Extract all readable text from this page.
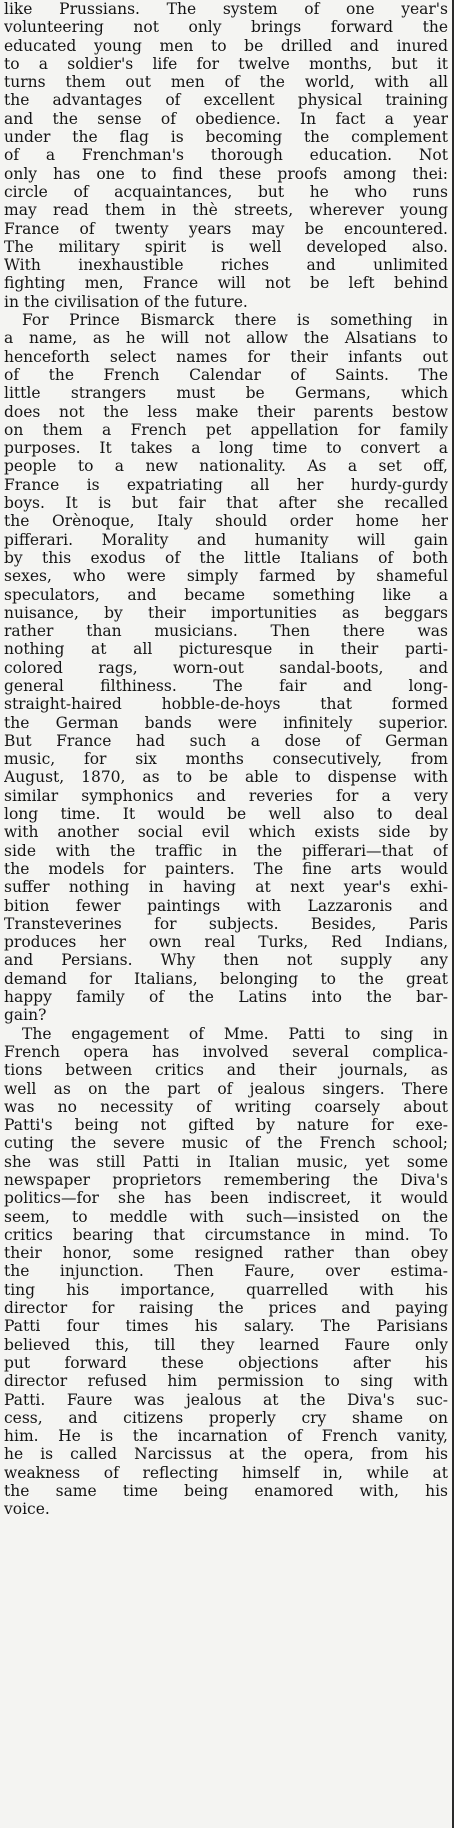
like Prussians. The system of one year's
volunteering not only brings forward the
educated young men to be drilled and inured
to a soldier's life for twelve months, but it
turns them out men of the world, with all
the advantages of excellent physical training
and the sense of obedience. In fact a year
under the flag is becoming the complement
of a Frenchman's thorough education. Not
only has one to find these proofs among thei:
circle of acquaintances, but he who runs
may read them in thè streets, wherever young
France of twenty years may be encountered.
The military spirit is well developed also.
With inexhaustible riches and unlimited
fighting men, France will not be left behind
in the civilisation of the future.
For Prince Bismarck there is something in
a name, as he will not allow the Alsatians to
henceforth select names for their infants out
of the French Calendar of Saints. The
little strangers must be Germans, which
does not the less make their parents bestow
on them a French pet appellation for family
purposes. It takes a long time to convert a
people to a new nationality. As a set off,
France is expatriating all her hurdy-gurdy
boys. It is but fair that after she recalled
the Orènoque, Italy should order home her
pifferari. Morality and humanity will gain
by this exodus of the little Italians of both
sexes, who were simply farmed by shameful
speculators, and became something like a
nuisance, by their importunities as beggars
rather than musicians. Then there was
nothing at all picturesque in their parti-
colored rags, worn-out sandal-boots, and
general filthiness. The fair and long-
straight-haired hobble-de-hoys that formed
the German bands were infinitely superior.
But France had such a dose of German
music, for six months consecutively, from
August, 1870, as to be able to dispense with
similar symphonics and reveries for a very
long time. It would be well also to deal
with another social evil which exists side by
side with the traffic in the pifferari—that of
the models for painters. The fine arts would
suffer nothing in having at next year's exhi-
bition fewer paintings with Lazzaronis and
Transteverines for subjects. Besides, Paris
produces her own real Turks, Red Indians,
and Persians. Why then not supply any
demand for Italians, belonging to the great
happy family of the Latins into the bar-
gain?
The engagement of Mme. Patti to sing in
French opera has involved several complica-
tions between critics and their journals, as
well as on the part of jealous singers. There
was no necessity of writing coarsely about
Patti's being not gifted by nature for exe-
cuting the severe music of the French school;
she was still Patti in Italian music, yet some
newspaper proprietors remembering the Diva's
politics—for she has been indiscreet, it would
seem, to meddle with such—insisted on the
critics bearing that circumstance in mind. To
their honor, some resigned rather than obey
the injunction. Then Faure, over estima-
ting his importance, quarrelled with his
director for raising the prices and paying
Patti four times his salary. The Parisians
believed this, till they learned Faure only
put forward these objections after his
director refused him permission to sing with
Patti. Faure was jealous at the Diva's suc-
cess, and citizens properly cry shame on
him. He is the incarnation of French vanity,
he is called Narcissus at the opera, from his
weakness of reflecting himself in, while at
the same time being enamored with, his
voice.
